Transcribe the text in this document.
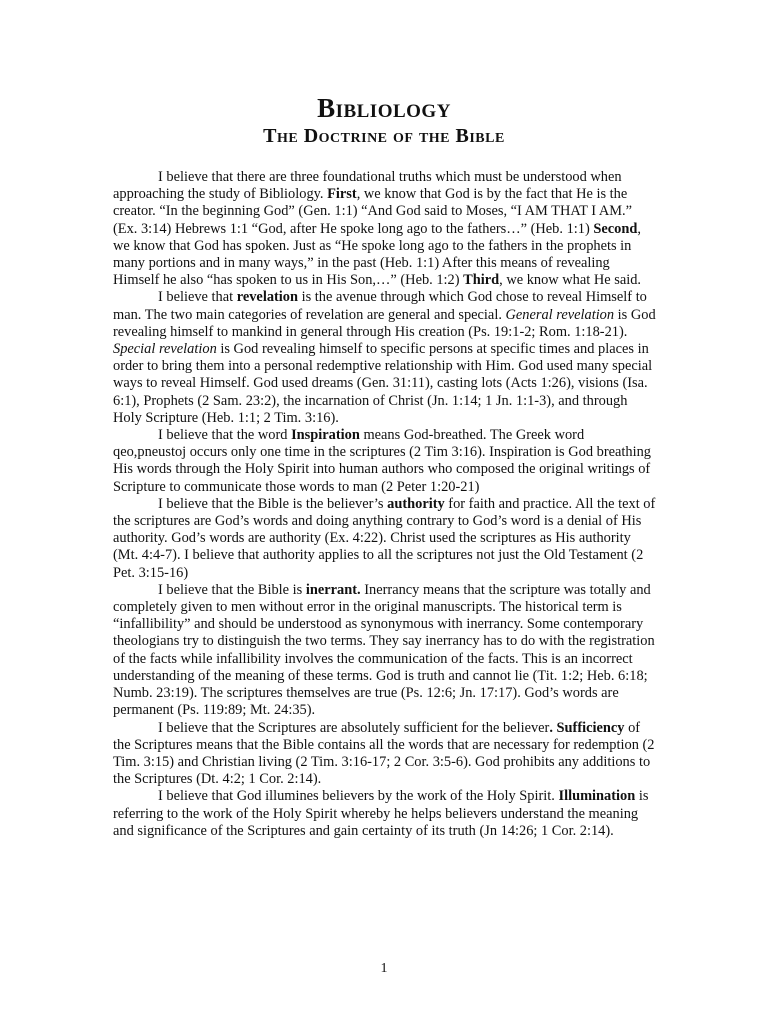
Bibliology
The Doctrine of the Bible

I believe that there are three foundational truths which must be understood when approaching the study of Bibliology. First, we know that God is by the fact that He is the creator. “In the beginning God” (Gen. 1:1) “And God said to Moses, “I AM THAT I AM.” (Ex. 3:14) Hebrews 1:1 “God, after He spoke long ago to the fathers…” (Heb. 1:1) Second, we know that God has spoken. Just as “He spoke long ago to the fathers in the prophets in many portions and in many ways,” in the past (Heb. 1:1) After this means of revealing Himself he also “has spoken to us in His Son,…” (Heb. 1:2) Third, we know what He said.

I believe that revelation is the avenue through which God chose to reveal Himself to man. The two main categories of revelation are general and special. General revelation is God revealing himself to mankind in general through His creation (Ps. 19:1-2; Rom. 1:18-21). Special revelation is God revealing himself to specific persons at specific times and places in order to bring them into a personal redemptive relationship with Him. God used many special ways to reveal Himself. God used dreams (Gen. 31:11), casting lots (Acts 1:26), visions (Isa. 6:1), Prophets (2 Sam. 23:2), the incarnation of Christ (Jn. 1:14; 1 Jn. 1:1-3), and through Holy Scripture (Heb. 1:1; 2 Tim. 3:16).

I believe that the word Inspiration means God-breathed. The Greek word qeo,pneustoj occurs only one time in the scriptures (2 Tim 3:16). Inspiration is God breathing His words through the Holy Spirit into human authors who composed the original writings of Scripture to communicate those words to man (2 Peter 1:20-21)

I believe that the Bible is the believer’s authority for faith and practice. All the text of the scriptures are God’s words and doing anything contrary to God’s word is a denial of His authority. God’s words are authority (Ex. 4:22). Christ used the scriptures as His authority (Mt. 4:4-7). I believe that authority applies to all the scriptures not just the Old Testament (2 Pet. 3:15-16)

I believe that the Bible is inerrant. Inerrancy means that the scripture was totally and completely given to men without error in the original manuscripts. The historical term is “infallibility” and should be understood as synonymous with inerrancy. Some contemporary theologians try to distinguish the two terms. They say inerrancy has to do with the registration of the facts while infallibility involves the communication of the facts. This is an incorrect understanding of the meaning of these terms. God is truth and cannot lie (Tit. 1:2; Heb. 6:18; Numb. 23:19). The scriptures themselves are true (Ps. 12:6; Jn. 17:17). God’s words are permanent (Ps. 119:89; Mt. 24:35).

I believe that the Scriptures are absolutely sufficient for the believer. Sufficiency of the Scriptures means that the Bible contains all the words that are necessary for redemption (2 Tim. 3:15) and Christian living (2 Tim. 3:16-17; 2 Cor. 3:5-6). God prohibits any additions to the Scriptures (Dt. 4:2; 1 Cor. 2:14).

I believe that God illumines believers by the work of the Holy Spirit. Illumination is referring to the work of the Holy Spirit whereby he helps believers understand the meaning and significance of the Scriptures and gain certainty of its truth (Jn 14:26; 1 Cor. 2:14).

1
